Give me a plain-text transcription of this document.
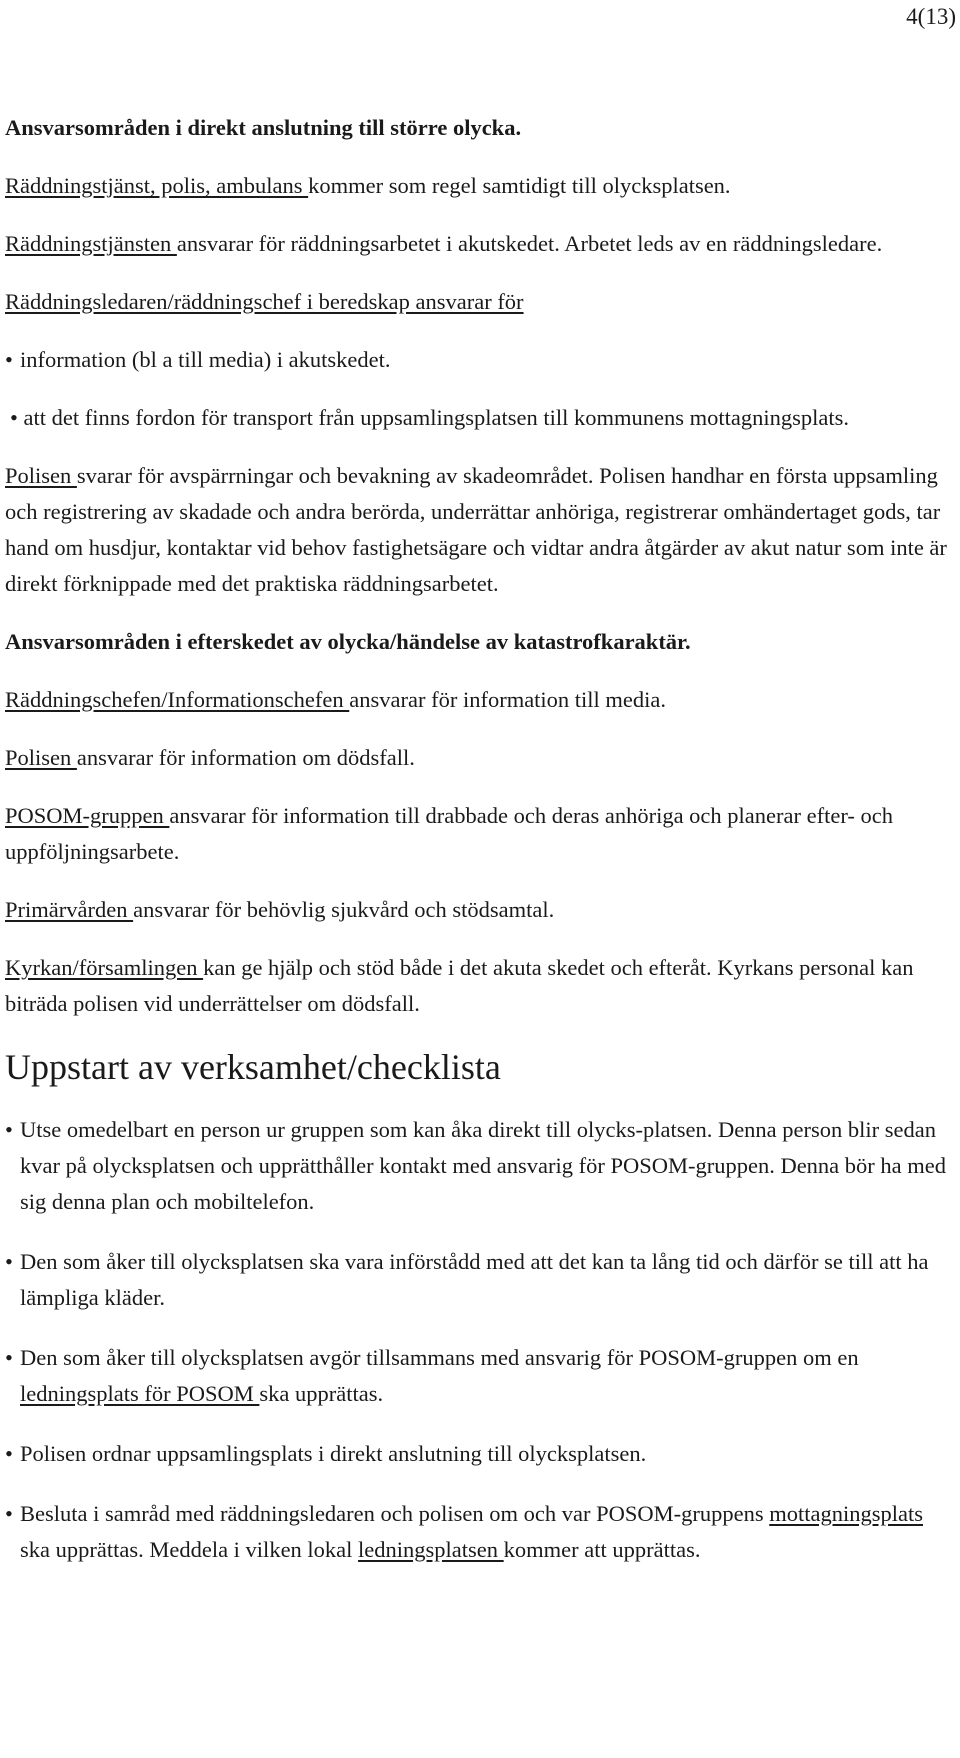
4(13)

Ansvarsområden i direkt anslutning till större olycka.

Räddningstjänst, polis, ambulans kommer som regel samtidigt till olycksplatsen.

Räddningstjänsten ansvarar för räddningsarbetet i akutskedet. Arbetet leds av en räddningsledare.

Räddningsledaren/räddningschef i beredskap ansvarar för

• information (bl a till media) i akutskedet.

• att det finns fordon för transport från uppsamlingsplatsen till kommunens mottagningsplats.

Polisen svarar för avspärrningar och bevakning av skadeområdet. Polisen handhar en första uppsamling och registrering av skadade och andra berörda, underrättar anhöriga, registrerar omhändertaget gods, tar hand om husdjur, kontaktar vid behov fastighetsägare och vidtar andra åtgärder av akut natur som inte är direkt förknippade med det praktiska räddningsarbetet.

Ansvarsområden i efterskedet av olycka/händelse av katastrofkaraktär.

Räddningschefen/Informationschefen ansvarar för information till media.

Polisen ansvarar för information om dödsfall.

POSOM-gruppen ansvarar för information till drabbade och deras anhöriga och planerar efter- och uppföljningsarbete.

Primärvården ansvarar för behövlig sjukvård och stödsamtal.

Kyrkan/församlingen kan ge hjälp och stöd både i det akuta skedet och efteråt. Kyrkans personal kan biträda polisen vid underrättelser om dödsfall.

Uppstart av verksamhet/checklista

• Utse omedelbart en person ur gruppen som kan åka direkt till olycks-platsen. Denna person blir sedan kvar på olycksplatsen och upprätthåller kontakt med ansvarig för POSOM-gruppen. Denna bör ha med sig denna plan och mobiltelefon.
• Den som åker till olycksplatsen ska vara införstådd med att det kan ta lång tid och därför se till att ha lämpliga kläder.
• Den som åker till olycksplatsen avgör tillsammans med ansvarig för POSOM-gruppen om en ledningsplats för POSOM ska upprättas.
• Polisen ordnar uppsamlingsplats i direkt anslutning till olycksplatsen.
• Besluta i samråd med räddningsledaren och polisen om och var POSOM-gruppens mottagningsplats ska upprättas. Meddela i vilken lokal ledningsplatsen kommer att upprättas.
